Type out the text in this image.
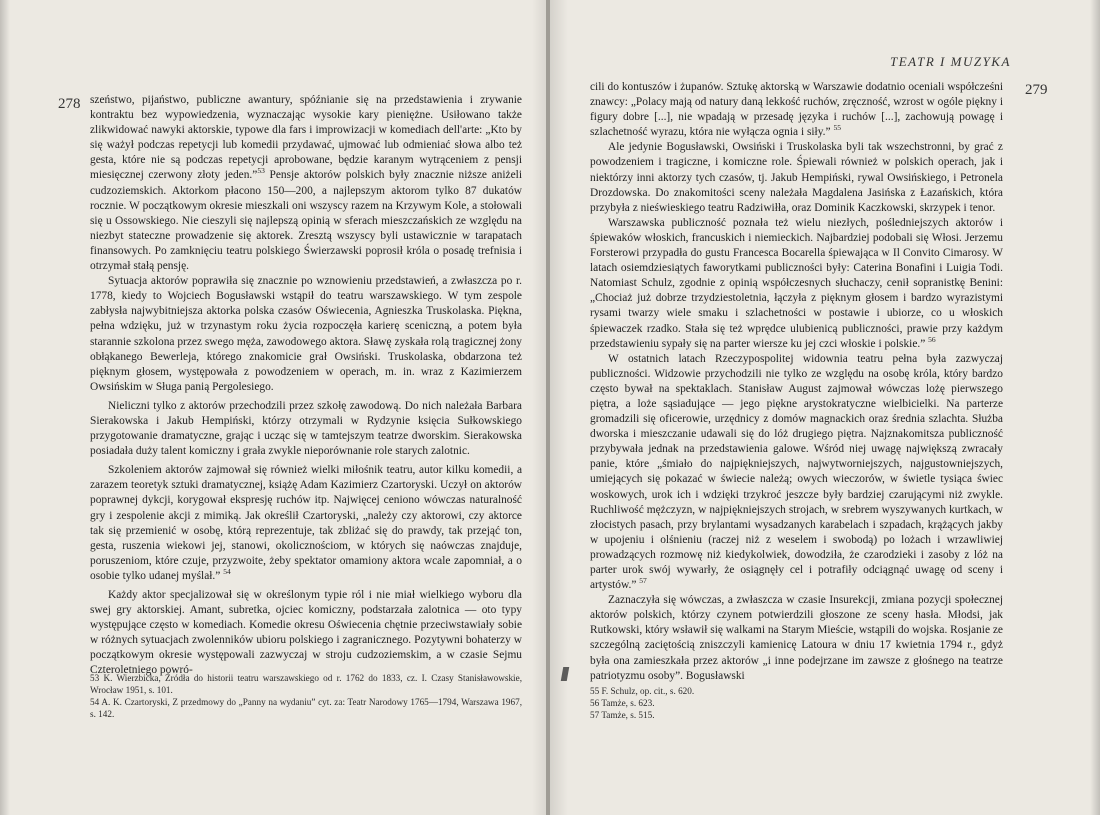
278 szeństwo, pijaństwo, publiczne awantury, spóźnianie się na przedstawienia i zrywanie kontraktu bez wypowiedzenia, wyznaczając wysokie kary pieniężne. Usiłowano także zlikwidować nawyki aktorskie, typowe dla fars i improwizacji w komediach dell'arte: „Kto by się ważył podczas repetycji lub komedii przydawać, ujmować lub odmieniać słowa albo też gesta, które nie są podczas repetycji aprobowane, będzie karanym wytrąceniem z pensji miesięcznej czerwony złoty jeden.”$^{53}$ Pensje aktorów polskich były znacznie niższe aniżeli cudzoziemskich. Aktorkom płacono 150—200, a najlepszym aktorom tylko 87 dukatów rocznie. W początkowym okresie mieszkali oni wszyscy razem na Krzywym Kole, a stołowali się u Ossowskiego. Nie cieszyli się najlepszą opinią w sferach mieszczańskich ze względu na niezbyt stateczne prowadzenie się aktorek. Zresztą wszyscy byli ustawicznie w tarapatach finansowych. Po zamknięciu teatru polskiego Świerzawski poprosił króla o posadę trefnisia i otrzymał stałą pensję.

Sytuacja aktorów poprawiła się znacznie po wznowieniu przedstawień, a zwłaszcza po r. 1778, kiedy to Wojciech Bogusławski wstąpił do teatru warszawskiego. W tym zespole zabłysła najwybitniejsza aktorka polska czasów Oświecenia, Agnieszka Truskolaska. Piękna, pełna wdzięku, już w trzynastym roku życia rozpoczęła karierę sceniczną, a potem była starannie szkolona przez swego męża, zawodowego aktora. Sławę zyskała rolą tragicznej żony obłąkanego Bewerleja, którego znakomicie grał Owsiński. Truskolaska, obdarzona też pięknym głosem, występowała z powodzeniem w operach, m. in. wraz z Kazimierzem Owsińskim w Sługa panią Pergolesiego.

Nieliczni tylko z aktorów przechodzili przez szkołę zawodową. Do nich należała Barbara Sierakowska i Jakub Hempiński, którzy otrzymali w Rydzynie księcia Sułkowskiego przygotowanie dramatyczne, grając i ucząc się w tamtejszym teatrze dworskim. Sierakowska posiadała duży talent komiczny i grała zwykle nieporównanie role starych zalotnic.

Szkoleniem aktorów zajmował się również wielki miłośnik teatru, autor kilku komedii, a zarazem teoretyk sztuki dramatycznej, książę Adam Kazimierz Czartoryski. Uczył on aktorów poprawnej dykcji, korygował ekspresję ruchów itp. Najwięcej ceniono wówczas naturalność gry i zespolenie akcji z mimiką. Jak określił Czartoryski, „należy czy aktorowi, czy aktorce tak się przemienić w osobę, którą reprezentuje, tak zbliżać się do prawdy, tak przejąć ton, gesta, ruszenia wiekowi jej, stanowi, okolicznościom, w których się naówczas znajduje, poruszeniom, które czuje, przyzwoite, żeby spektator omamiony aktora wcale zapomniał, a o osobie tylko udanej myślał.” $^{54}$

Każdy aktor specjalizował się w określonym typie ról i nie miał wielkiego wyboru dla swej gry aktorskiej. Amant, subretka, ojciec komiczny, podstarzała zalotnica — oto typy występujące często w komediach. Komedie okresu Oświecenia chętnie przeciwstawiały sobie w różnych sytuacjach zwolenników ubioru polskiego i zagranicznego. Pozytywni bohaterzy w początkowym okresie występowali zazwyczaj w stroju cudzoziemskim, a w czasie Sejmu Czteroletniego powró-

53 K. Wierzbicka, Źródła do historii teatru warszawskiego od r. 1762 do 1833, cz. I. Czasy Stanisławowskie, Wrocław 1951, s. 101.

54 A. K. Czartoryski, Z przedmowy do „Panny na wydaniu” cyt. za: Teatr Narodowy 1765—1794, Warszawa 1967, s. 142.

TEATR I MUZYKA
279

cili do kontuszów i żupanów. Sztukę aktorską w Warszawie dodatnio oceniali współcześni znawcy: „Polacy mają od natury daną lekkość ruchów, zręczność, wzrost w ogóle piękny i figury dobre [...], nie wpadają w przesadę języka i ruchów [...], zachowują powagę i szlachetność wyrazu, która nie wyłącza ognia i siły.” $^{55}$

Ale jedynie Bogusławski, Owsiński i Truskolaska byli tak wszechstronni, by grać z powodzeniem i tragiczne, i komiczne role. Śpiewali również w polskich operach, jak i niektórzy inni aktorzy tych czasów, tj. Jakub Hempiński, rywal Owsińskiego, i Petronela Drozdowska. Do znakomitości sceny należała Magdalena Jasińska z Łazańskich, która przybyła z nieświeskiego teatru Radziwiłła, oraz Dominik Kaczkowski, skrzypek i tenor.

Warszawska publiczność poznała też wielu niezłych, pośledniejszych aktorów i śpiewaków włoskich, francuskich i niemieckich. Najbardziej podobali się Włosi. Jerzemu Forsterowi przypadła do gustu Francesca Bocarella śpiewająca w Il Convito Cimarosy. W latach osiemdziesiątych faworytkami publiczności były: Caterina Bonafini i Luigia Todi. Natomiast Schulz, zgodnie z opinią współczesnych słuchaczy, cenił sopranistkę Benini: „Chociaż już dobrze trzydziestoletnia, łączyła z pięknym głosem i bardzo wyrazistymi rysami twarzy wiele smaku i szlachetności w postawie i ubiorze, co u włoskich śpiewaczek rzadko. Stała się też wprędce ulubienicą publiczności, prawie przy każdym przedstawieniu sypały się na parter wiersze ku jej czci włoskie i polskie.” $^{56}$

W ostatnich latach Rzeczypospolitej widownia teatru pełna była zazwyczaj publiczności. Widzowie przychodzili nie tylko ze względu na osobę króla, który bardzo często bywał na spektaklach. Stanisław August zajmował wówczas lożę pierwszego piętra, a loże sąsiadujące — jego piękne arystokratyczne wielbicielki. Na parterze gromadzili się oficerowie, urzędnicy z domów magnackich oraz średnia szlachta. Służba dworska i mieszczanie udawali się do lóż drugiego piętra. Najznakomitsza publiczność przybywała jednak na przedstawienia galowe. Wśród niej uwagę największą zwracały panie, które „śmiało do najpiękniejszych, najwytworniejszych, najgustowniejszych, umiejących się pokazać w świecie należą; owych wieczorów, w świetle tysiąca świec woskowych, urok ich i wdzięki trzykroć jeszcze były bardziej czarującymi niż zwykle. Ruchliwość mężczyzn, w najpiękniejszych strojach, w srebrem wyszywanych kurtkach, w złocistych pasach, przy brylantami wysadzanych karabelach i szpadach, krążących jakby w upojeniu i olśnieniu (raczej niż z weselem i swobodą) po lożach i wrzawliwiej prowadzących rozmowę niż kiedykolwiek, dowodziła, że czarodzieki i zasoby z lóż na parter urok swój wywarły, że osiągnęły cel i potrafiły odciągnąć uwagę od sceny i artystów.” $^{57}$

Zaznaczyła się wówczas, a zwłaszcza w czasie Insurekcji, zmiana pozycji społecznej aktorów polskich, którzy czynem potwierdzili głoszone ze sceny hasła. Młodsi, jak Rutkowski, który wsławił się walkami na Starym Mieście, wstąpili do wojska. Rosjanie ze szczególną zaciętością zniszczyli kamienicę Latoura w dniu 17 kwietnia 1794 r., gdyż była ona zamieszkała przez aktorów „i inne podejrzane im zawsze z głośnego na teatrze patriotyzmu osoby”. Bogusławski

55 F. Schulz, op. cit., s. 620.

56 Tamże, s. 623.

57 Tamże, s. 515.
